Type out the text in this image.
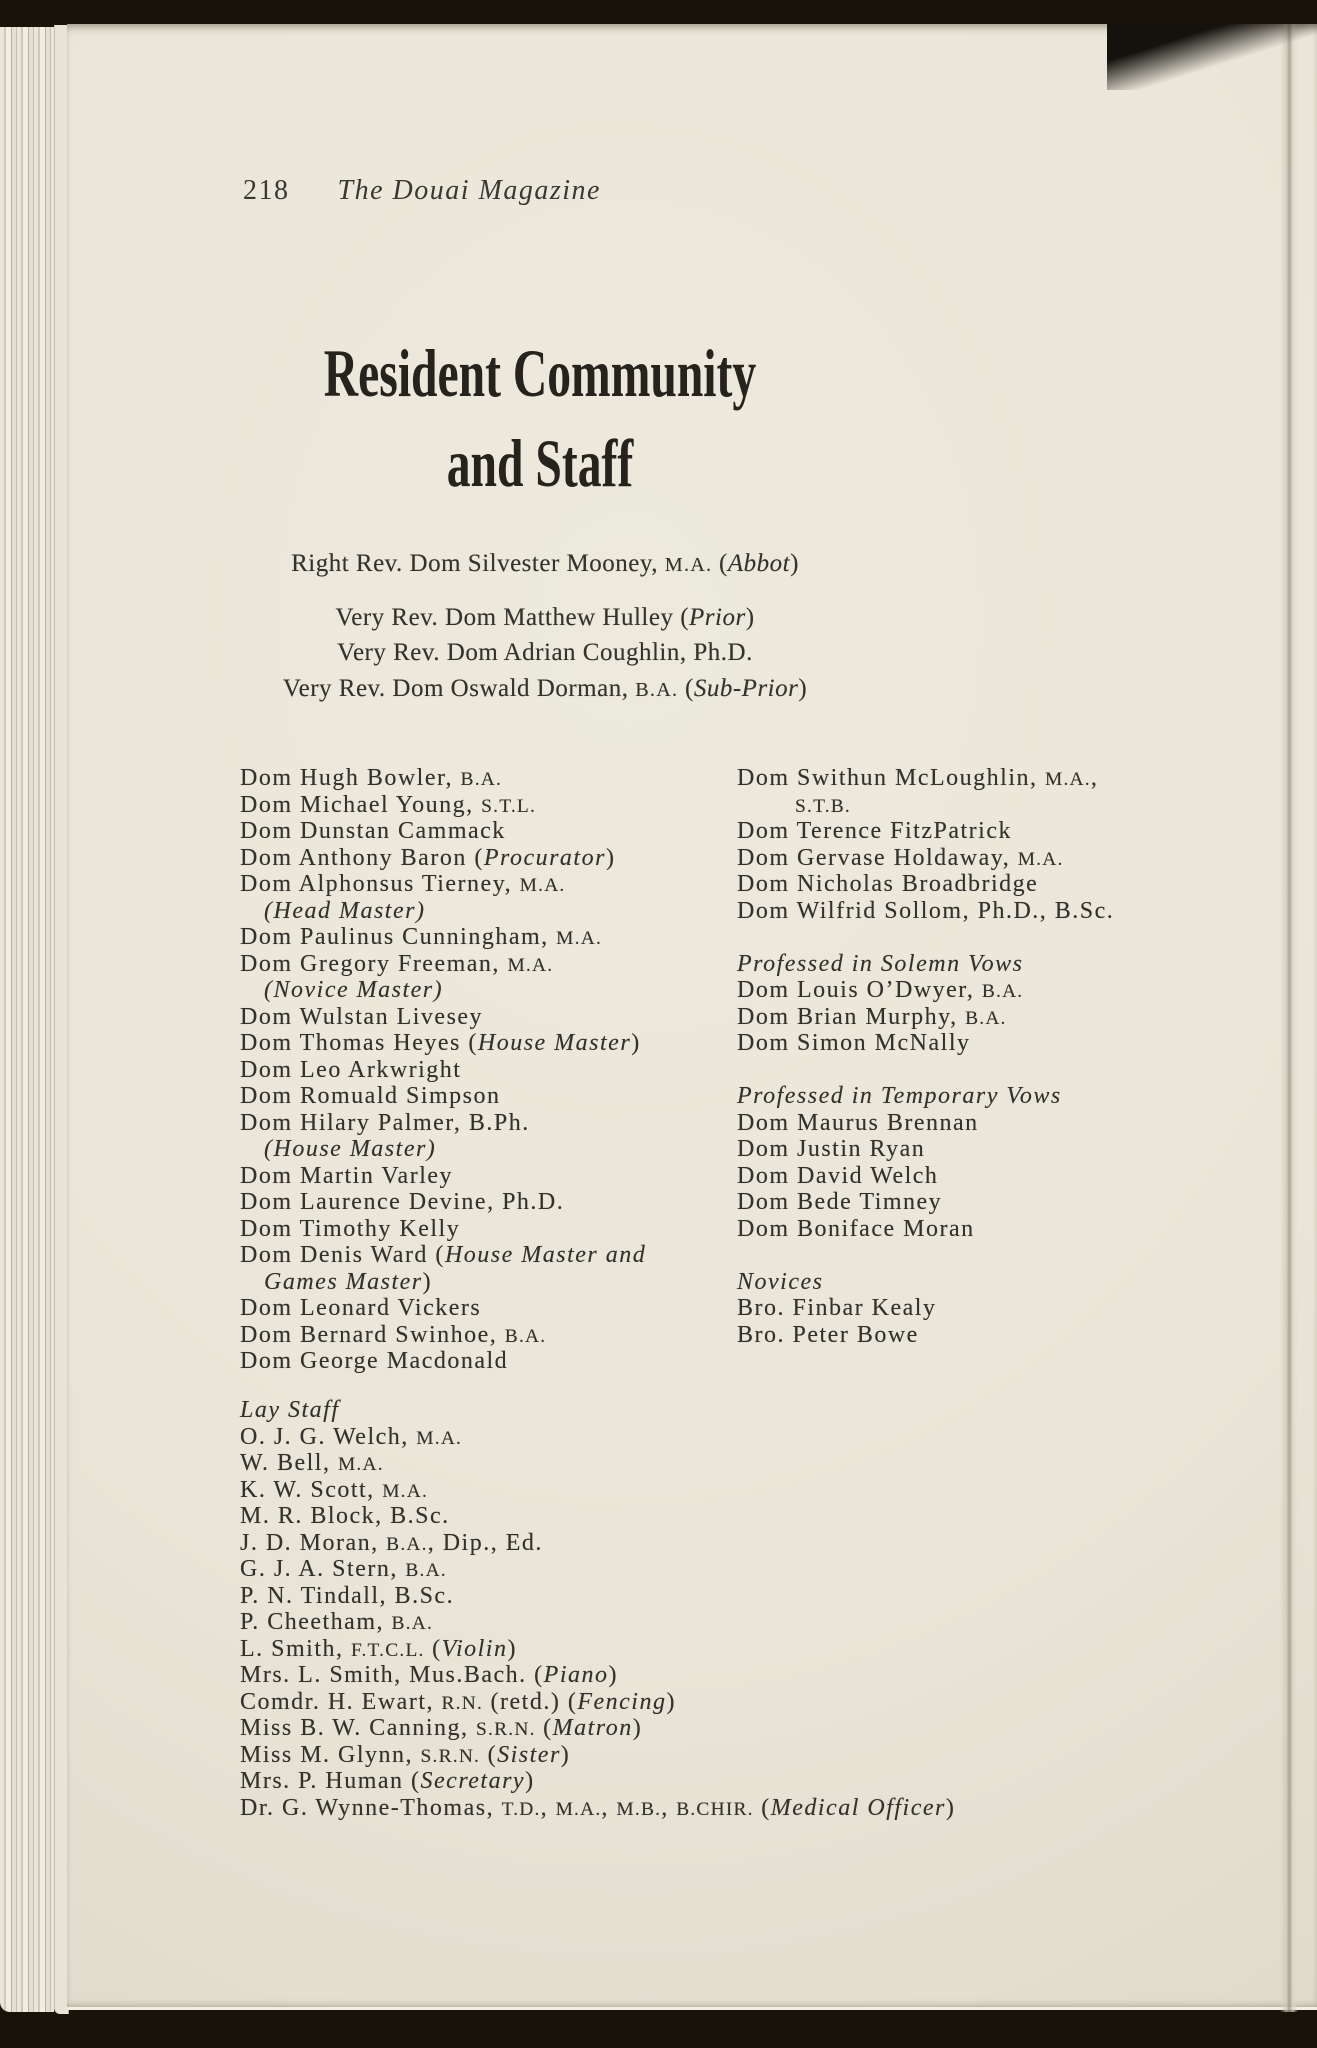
218 The Douai Magazine
Resident Community
and Staff
Right Rev. Dom Silvester Mooney, M.A. (Abbot)
Very Rev. Dom Matthew Hulley (Prior)
Very Rev. Dom Adrian Coughlin, Ph.D.
Very Rev. Dom Oswald Dorman, B.A. (Sub-Prior)
Dom Hugh Bowler, B.A.
Dom Michael Young, S.T.L.
Dom Dunstan Cammack
Dom Anthony Baron (Procurator)
Dom Alphonsus Tierney, M.A.
(Head Master)
Dom Paulinus Cunningham, M.A.
Dom Gregory Freeman, M.A.
(Novice Master)
Dom Wulstan Livesey
Dom Thomas Heyes (House Master)
Dom Leo Arkwright
Dom Romuald Simpson
Dom Hilary Palmer, B.Ph.
(House Master)
Dom Martin Varley
Dom Laurence Devine, Ph.D.
Dom Timothy Kelly
Dom Denis Ward (House Master and
Games Master)
Dom Leonard Vickers
Dom Bernard Swinhoe, B.A.
Dom George Macdonald
Dom Swithun McLoughlin, M.A.,
S.T.B.
Dom Terence FitzPatrick
Dom Gervase Holdaway, M.A.
Dom Nicholas Broadbridge
Dom Wilfrid Sollom, Ph.D., B.Sc.
Professed in Solemn Vows
Dom Louis O’Dwyer, B.A.
Dom Brian Murphy, B.A.
Dom Simon McNally
Professed in Temporary Vows
Dom Maurus Brennan
Dom Justin Ryan
Dom David Welch
Dom Bede Timney
Dom Boniface Moran
Novices
Bro. Finbar Kealy
Bro. Peter Bowe
Lay Staff
O. J. G. Welch, M.A.
W. Bell, M.A.
K. W. Scott, M.A.
M. R. Block, B.Sc.
J. D. Moran, B.A., Dip., Ed.
G. J. A. Stern, B.A.
P. N. Tindall, B.Sc.
P. Cheetham, B.A.
L. Smith, F.T.C.L. (Violin)
Mrs. L. Smith, Mus.Bach. (Piano)
Comdr. H. Ewart, R.N. (retd.) (Fencing)
Miss B. W. Canning, S.R.N. (Matron)
Miss M. Glynn, S.R.N. (Sister)
Mrs. P. Human (Secretary)
Dr. G. Wynne-Thomas, T.D., M.A., M.B., B.CHIR. (Medical Officer)
